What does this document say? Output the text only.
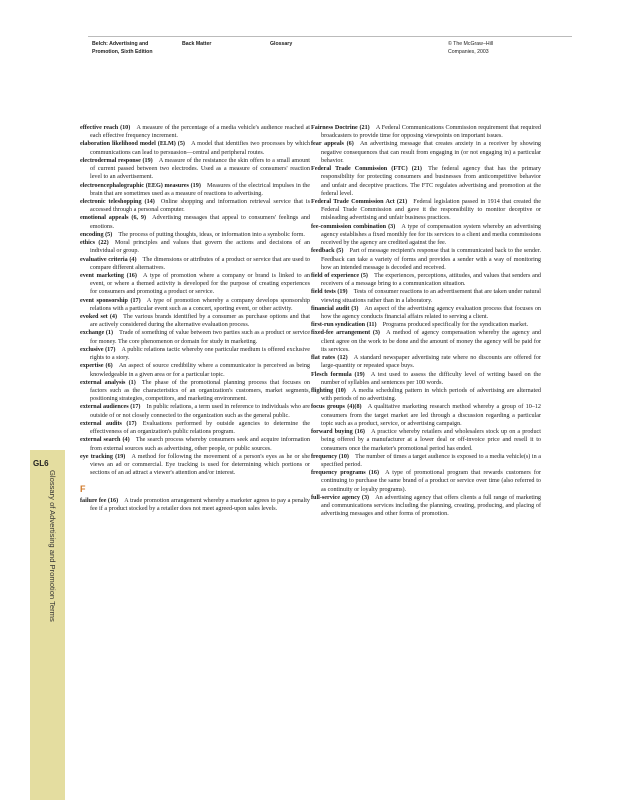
Belch: Advertising and
Promotion, Sixth Edition
Back Matter	Glossary	© The McGraw−Hill
Companies, 2003
GL6
Glossary of Advertising and Promotion Terms

effective reach (10)  A measure of the percentage of a media vehicle's audience reached at each effective frequency increment.

elaboration likelihood model (ELM) (5)  A model that identifies two processes by which communications can lead to persuasion—central and peripheral routes.

electrodermal response (19)  A measure of the resistance the skin offers to a small amount of current passed between two electrodes. Used as a measure of consumers' reaction level to an advertisement.

electroencephalographic (EEG) measures (19)  Measures of the electrical impulses in the brain that are sometimes used as a measure of reactions to advertising.

electronic teleshopping (14)  Online shopping and information retrieval service that is accessed through a personal computer.

emotional appeals (6, 9)  Advertising messages that appeal to consumers' feelings and emotions.

encoding (5)  The process of putting thoughts, ideas, or information into a symbolic form.

ethics (22)  Moral principles and values that govern the actions and decisions of an individual or group.

evaluative criteria (4)  The dimensions or attributes of a product or service that are used to compare different alternatives.

event marketing (16)  A type of promotion where a company or brand is linked to an event, or where a themed activity is developed for the purpose of creating experiences for consumers and promoting a product or service.

event sponsorship (17)  A type of promotion whereby a company develops sponsorship relations with a particular event such as a concert, sporting event, or other activity.

evoked set (4)  The various brands identified by a consumer as purchase options and that are actively considered during the alternative evaluation process.

exchange (1)  Trade of something of value between two parties such as a product or service for money. The core phenomenon or domain for study in marketing.

exclusive (17)  A public relations tactic whereby one particular medium is offered exclusive rights to a story.

expertise (6)  An aspect of source credibility where a communicator is perceived as being knowledgeable in a given area or for a particular topic.

external analysis (1)  The phase of the promotional planning process that focuses on factors such as the characteristics of an organization's customers, market segments, positioning strategies, competitors, and marketing environment.

external audiences (17)  In public relations, a term used in reference to individuals who are outside of or not closely connected to the organization such as the general public.

external audits (17)  Evaluations performed by outside agencies to determine the effectiveness of an organization's public relations program.

external search (4)  The search process whereby consumers seek and acquire information from external sources such as advertising, other people, or public sources.

eye tracking (19)  A method for following the movement of a person's eyes as he or she views an ad or commercial. Eye tracking is used for determining which portions or sections of an ad attract a viewer's attention and/or interest.

F

failure fee (16)  A trade promotion arrangement whereby a marketer agrees to pay a penalty fee if a product stocked by a retailer does not meet agreed-upon sales levels.

Fairness Doctrine (21)  A Federal Communications Commission requirement that required broadcasters to provide time for opposing viewpoints on important issues.

fear appeals (6)  An advertising message that creates anxiety in a receiver by showing negative consequences that can result from engaging in (or not engaging in) a particular behavior.

Federal Trade Commission (FTC) (21)  The federal agency that has the primary responsibility for protecting consumers and businesses from anticompetitive behavior and unfair and deceptive practices. The FTC regulates advertising and promotion at the federal level.

Federal Trade Commission Act (21)  Federal legislation passed in 1914 that created the Federal Trade Commission and gave it the responsibility to monitor deceptive or misleading advertising and unfair business practices.

fee-commission combination (3)  A type of compensation system whereby an advertising agency establishes a fixed monthly fee for its services to a client and media commissions received by the agency are credited against the fee.

feedback (5)  Part of message recipient's response that is communicated back to the sender. Feedback can take a variety of forms and provides a sender with a way of monitoring how an intended message is decoded and received.

field of experience (5)  The experiences, perceptions, attitudes, and values that senders and receivers of a message bring to a communication situation.

field tests (19)  Tests of consumer reactions to an advertisement that are taken under natural viewing situations rather than in a laboratory.

financial audit (3)  An aspect of the advertising agency evaluation process that focuses on how the agency conducts financial affairs related to serving a client.

first-run syndication (11)  Programs produced specifically for the syndication market.

fixed-fee arrangement (3)  A method of agency compensation whereby the agency and client agree on the work to be done and the amount of money the agency will be paid for its services.

flat rates (12)  A standard newspaper advertising rate where no discounts are offered for large-quantity or repeated space buys.

Flesch formula (19)  A test used to assess the difficulty level of writing based on the number of syllables and sentences per 100 words.

flighting (10)  A media scheduling pattern in which periods of advertising are alternated with periods of no advertising.

focus groups (4)(8)  A qualitative marketing research method whereby a group of 10–12 consumers from the target market are led through a discussion regarding a particular topic such as a product, service, or advertising campaign.

forward buying (16)  A practice whereby retailers and wholesalers stock up on a product being offered by a manufacturer at a lower deal or off-invoice price and resell it to consumers once the marketer's promotional period has ended.

frequency (10)  The number of times a target audience is exposed to a media vehicle(s) in a specified period.

frequency programs (16)  A type of promotional program that rewards customers for continuing to purchase the same brand of a product or service over time (also referred to as continuity or loyalty programs).

full-service agency (3)  An advertising agency that offers clients a full range of marketing and communications services including the planning, creating, producing, and placing of advertising messages and other forms of promotion.
